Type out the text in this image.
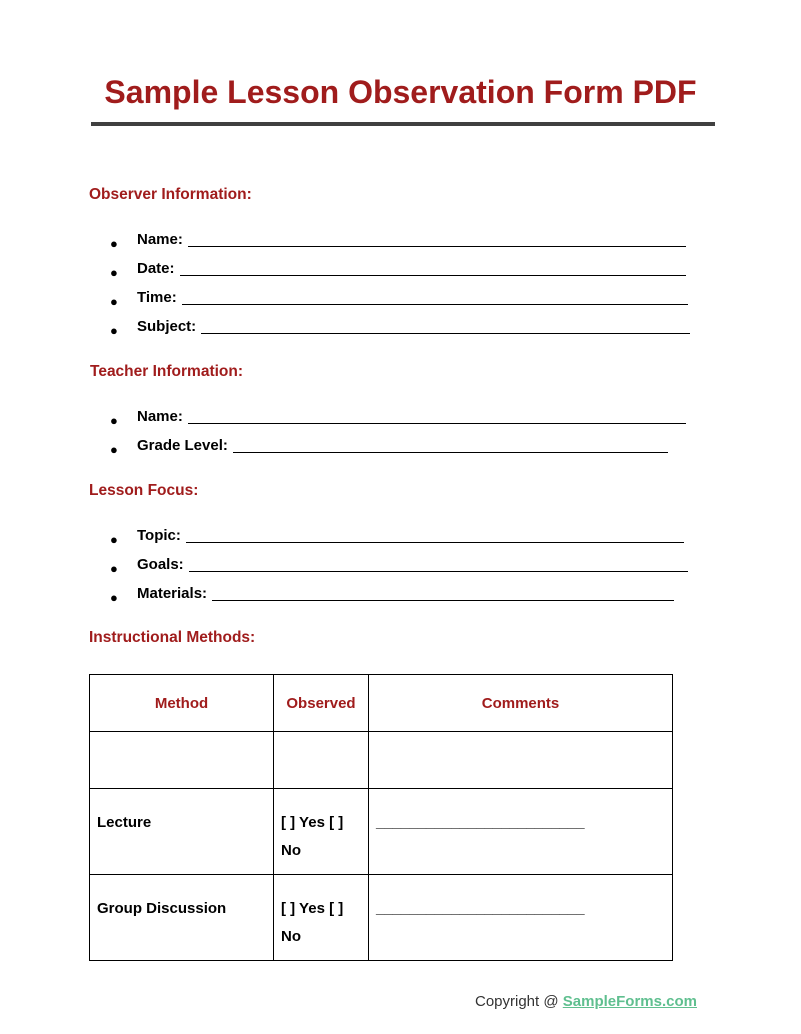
Sample Lesson Observation Form PDF
Observer Information:
●	Name:
●	Date:
●	Time:
●	Subject:
Teacher Information:
●	Name:
●	Grade Level:
Lesson Focus:
●	Topic:
●	Goals:
●	Materials:
Instructional Methods:
Method	Observed	Comments

Lecture	[ ] Yes [ ] No	_________________________
Group Discussion	[ ] Yes [ ] No	_________________________
Copyright @ SampleForms.com
